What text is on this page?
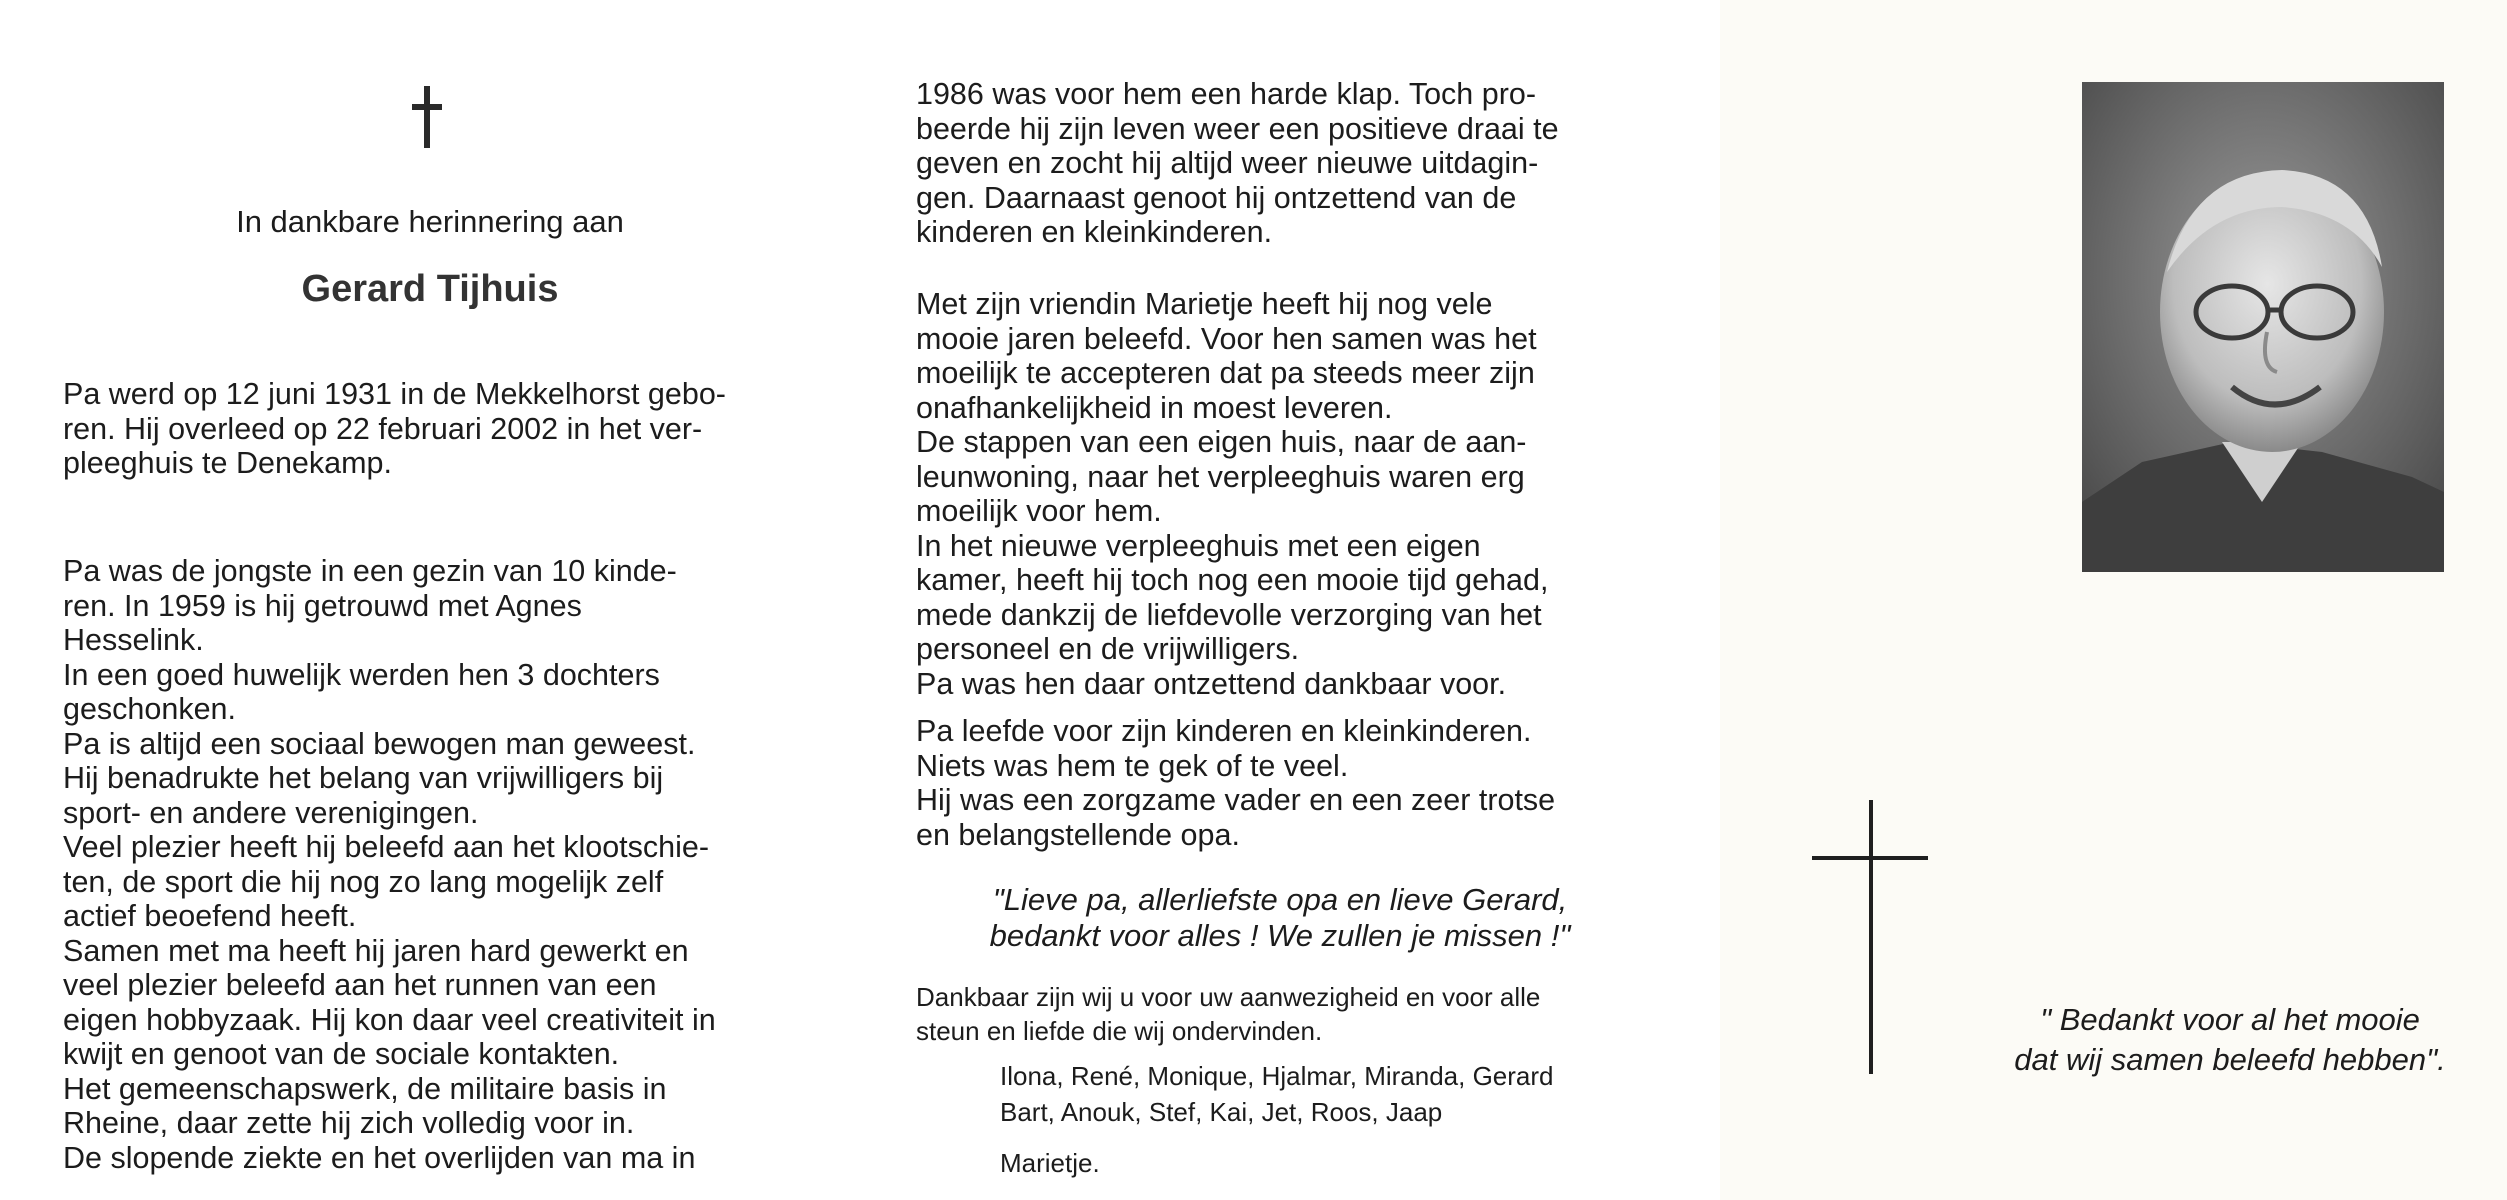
In dankbare herinnering aan
Gerard Tijhuis

Pa werd op 12 juni 1931 in de Mekkelhorst gebo-

ren. Hij overleed op 22 februari 2002 in het ver-

pleeghuis te Denekamp.

Pa was de jongste in een gezin van 10 kinde-

ren. In 1959 is hij getrouwd met Agnes

Hesselink.

In een goed huwelijk werden hen 3 dochters

geschonken.

Pa is altijd een sociaal bewogen man geweest.

Hij benadrukte het belang van vrijwilligers bij

sport- en andere verenigingen.

Veel plezier heeft hij beleefd aan het klootschie-

ten, de sport die hij nog zo lang mogelijk zelf

actief beoefend heeft.

Samen met ma heeft hij jaren hard gewerkt en

veel plezier beleefd aan het runnen van een

eigen hobbyzaak. Hij kon daar veel creativiteit in

kwijt en genoot van de sociale kontakten.

Het gemeenschapswerk, de militaire basis in

Rheine, daar zette hij zich volledig voor in.

De slopende ziekte en het overlijden van ma in

1986 was voor hem een harde klap. Toch pro-

beerde hij zijn leven weer een positieve draai te

geven en zocht hij altijd weer nieuwe uitdagin-

gen. Daarnaast genoot hij ontzettend van de

kinderen en kleinkinderen.

Met zijn vriendin Marietje heeft hij nog vele

mooie jaren beleefd. Voor hen samen was het

moeilijk te accepteren dat pa steeds meer zijn

onafhankelijkheid in moest leveren.

De stappen van een eigen huis, naar de aan-

leunwoning, naar het verpleeghuis waren erg

moeilijk voor hem.

In het nieuwe verpleeghuis met een eigen

kamer, heeft hij toch nog een mooie tijd gehad,

mede dankzij de liefdevolle verzorging van het

personeel en de vrijwilligers.

Pa was hen daar ontzettend dankbaar voor.

Pa leefde voor zijn kinderen en kleinkinderen.

Niets was hem te gek of te veel.

Hij was een zorgzame vader en een zeer trotse

en belangstellende opa.

"Lieve pa, allerliefste opa en lieve Gerard,

bedankt voor alles ! We zullen je missen !"

Dankbaar zijn wij u voor uw aanwezigheid en voor alle

steun en liefde die wij ondervinden.

Ilona, René, Monique, Hjalmar, Miranda, Gerard

Bart, Anouk, Stef, Kai, Jet, Roos, Jaap

Marietje.

" Bedankt voor al het mooie

dat wij samen beleefd hebben".
